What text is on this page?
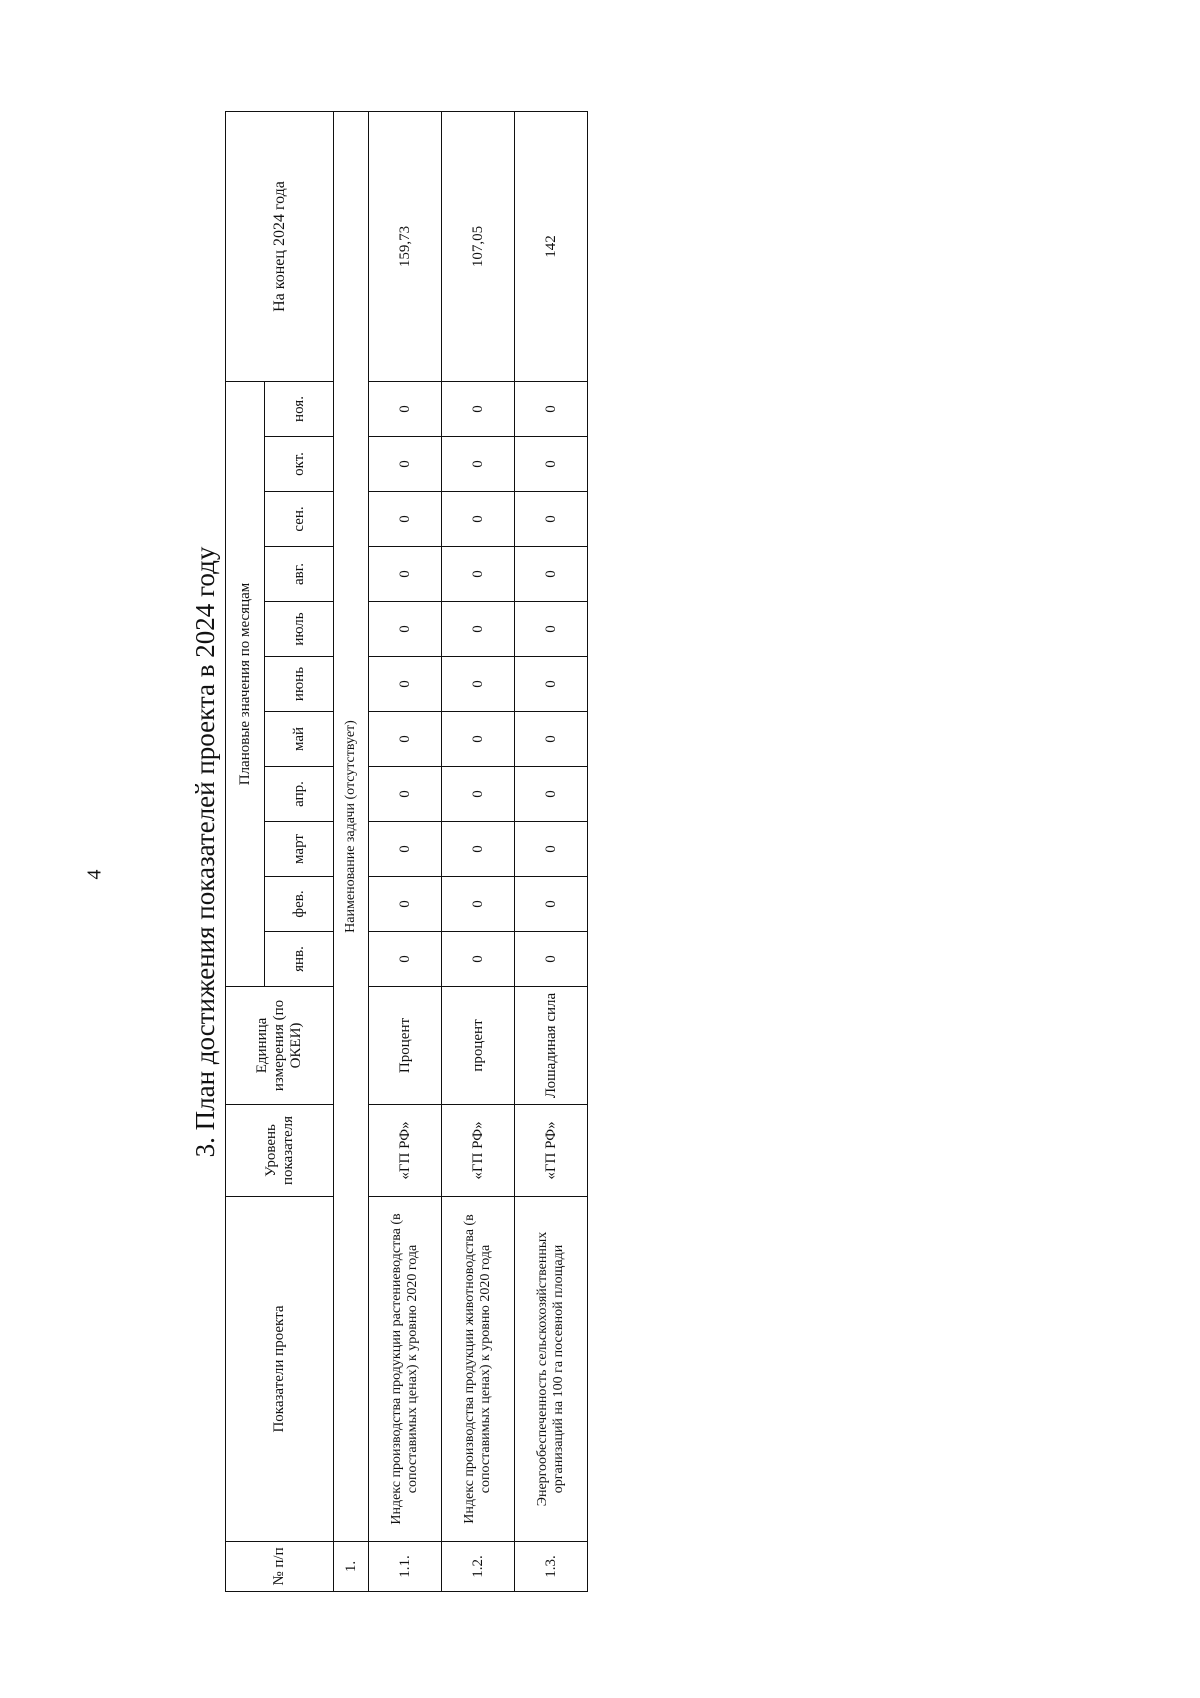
4	3. План достижения показателей проекта в 2024 году
№ п/п	Показатели проекта	Уровень показателя	Единица измерения (по ОКЕИ)	Плановые значения по месяцам											На конец 2024 года
				янв.	фев.	март	апр.	май	июнь	июль	авг.	сен.	окт.	ноя.	
1.	Наименование задачи (отсутствует)														
1.1.	Индекс производства продукции растениеводства (в сопоставимых ценах) к уровню 2020 года	«ГП РФ»	Процент	0	0	0	0	0	0	0	0	0	0	0	159,73
1.2.	Индекс производства продукции животноводства (в сопоставимых ценах) к уровню 2020 года	«ГП РФ»	процент	0	0	0	0	0	0	0	0	0	0	0	107,05
1.3.	Энергообеспеченность сельскохозяйственных организаций на 100 га посевной площади	«ГП РФ»	Лошадиная сила	0	0	0	0	0	0	0	0	0	0	0	142
